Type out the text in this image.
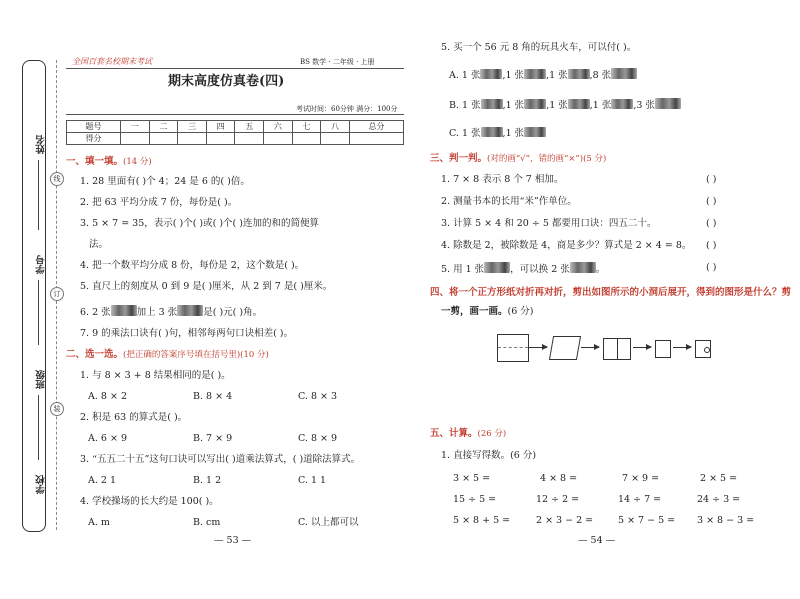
姓名
学号
班级
学校
线
订
装
全国百套名校期末考试	BS 数学 · 二年级 · 上册
期末高度仿真卷(四)
考试时间：60分钟 满分：100分
题号	一	二	三	四	五	六	七	八	总分
得分									
一、填一填。(14 分)
1. 28 里面有( )个 4；24 是 6 的( )倍。
2. 把 63 平均分成 7 份，每份是( )。
3. 5 × 7 = 35，表示( )个( )或( )个( )连加的和的简便算
法。
4. 把一个数平均分成 8 份，每份是 2，这个数是( )。
5. 直尺上的刻度从 0 到 9 是( )厘米，从 2 到 7 是( )厘米。
6. 2 张	加上 3 张	是( )元( )角。
7. 9 的乘法口诀有( )句，相邻每两句口诀相差( )。
二、选一选。(把正确的答案序号填在括号里)(10 分)
1. 与 8 × 3 + 8 结果相同的是( )。
A. 8 × 2	B. 8 × 4	C. 8 × 3
2. 积是 63 的算式是( )。
A. 6 × 9	B. 7 × 9	C. 8 × 9
3. “五五二十五”这句口诀可以写出( )道乘法算式，( )道除法算式。
A. 2 1	B. 1 2	C. 1 1
4. 学校操场的长大约是 100( )。
A. m	B. cm	C. 以上都可以
— 53 —
5. 买一个 56 元 8 角的玩具火车，可以付( )。
A. 1 张 ,1 张 ,1 张 ,8 张
B. 1 张 ,1 张 ,1 张 ,1 张 ,3 张
C. 1 张 ,1 张
三、判一判。(对的画“√”，错的画“×”)(5 分)
1. 7 × 8 表示 8 个 7 相加。
2. 测量书本的长用“米”作单位。
3. 计算 5 × 4 和 20 ÷ 5 都要用口诀：四五二十。
4. 除数是 2，被除数是 4，商是多少？算式是 2 × 4 = 8。
5. 用 1 张	，可以换 2 张	。
( )
( )
( )
( )
( )
四、将一个正方形纸对折再对折，剪出如图所示的小洞后展开，得到的图形是什么？剪
一剪，画一画。(6 分)
五、计算。(26 分)
1. 直接写得数。(6 分)
3 × 5 =	4 × 8 =	7 × 9 =	2 × 5 =
15 ÷ 5 =	12 ÷ 2 =	14 ÷ 7 =	24 ÷ 3 =
5 × 8 + 5 =	2 × 3 − 2 =	5 × 7 − 5 = 3 × 8 − 3 =
— 54 —
